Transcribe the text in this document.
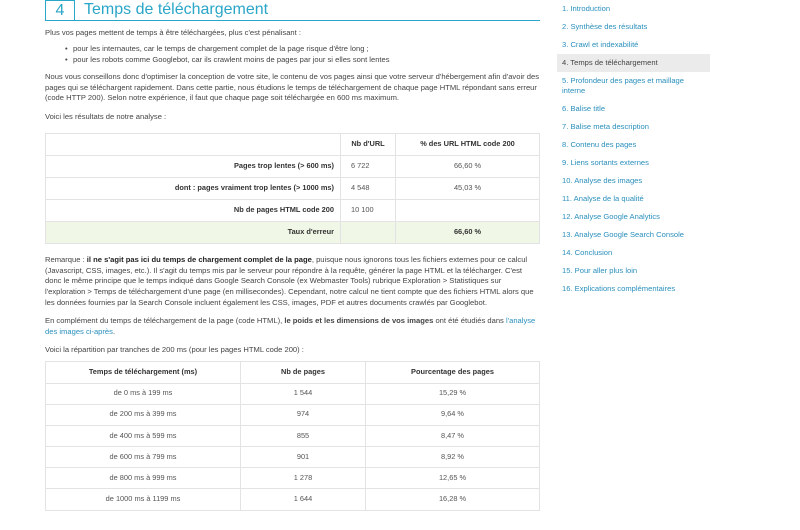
4	Temps de téléchargement

Plus vos pages mettent de temps à être téléchargées, plus c'est pénalisant :

• pour les internautes, car le temps de chargement complet de la page risque d'être long ;
• pour les robots comme Googlebot, car ils crawlent moins de pages par jour si elles sont lentes

Nous vous conseillons donc d'optimiser la conception de votre site, le contenu de vos pages ainsi que votre serveur d'hébergement afin d'avoir des pages qui se téléchargent rapidement. Dans cette partie, nous étudions le temps de téléchargement de chaque page HTML répondant sans erreur (code HTTP 200). Selon notre expérience, il faut que chaque page soit téléchargée en 600 ms maximum.

Voici les résultats de notre analyse :

	Nb d'URL	% des URL HTML code 200
Pages trop lentes (> 600 ms)	6 722	66,60 %
dont : pages vraiment trop lentes (> 1000 ms)	4 548	45,03 %
Nb de pages HTML code 200	10 100	
Taux d'erreur		66,60 %

Remarque : il ne s'agit pas ici du temps de chargement complet de la page, puisque nous ignorons tous les fichiers externes pour ce calcul (Javascript, CSS, images, etc.). Il s'agit du temps mis par le serveur pour répondre à la requête, générer la page HTML et la télécharger. C'est donc le même principe que le temps indiqué dans Google Search Console (ex Webmaster Tools) rubrique Exploration > Statistiques sur l'exploration > Temps de téléchargement d'une page (en millisecondes). Cependant, notre calcul ne tient compte que des fichiers HTML alors que les données fournies par la Search Console incluent également les CSS, images, PDF et autres documents crawlés par Googlebot.

En complément du temps de téléchargement de la page (code HTML), le poids et les dimensions de vos images ont été étudiés dans l'analyse des images ci-après.

Voici la répartition par tranches de 200 ms (pour les pages HTML code 200) :

Temps de téléchargement (ms)	Nb de pages	Pourcentage des pages
de 0 ms à 199 ms	1 544	15,29 %
de 200 ms à 399 ms	974	9,64 %
de 400 ms à 599 ms	855	8,47 %
de 600 ms à 799 ms	901	8,92 %
de 800 ms à 999 ms	1 278	12,65 %
de 1000 ms à 1199 ms	1 644	16,28 %
1. Introduction
2. Synthèse des résultats
3. Crawl et indexabilité
4. Temps de téléchargement
5. Profondeur des pages et maillage interne
6. Balise title
7. Balise meta description
8. Contenu des pages
9. Liens sortants externes
10. Analyse des images
11. Analyse de la qualité
12. Analyse Google Analytics
13. Analyse Google Search Console
14. Conclusion
15. Pour aller plus loin
16. Explications complémentaires
